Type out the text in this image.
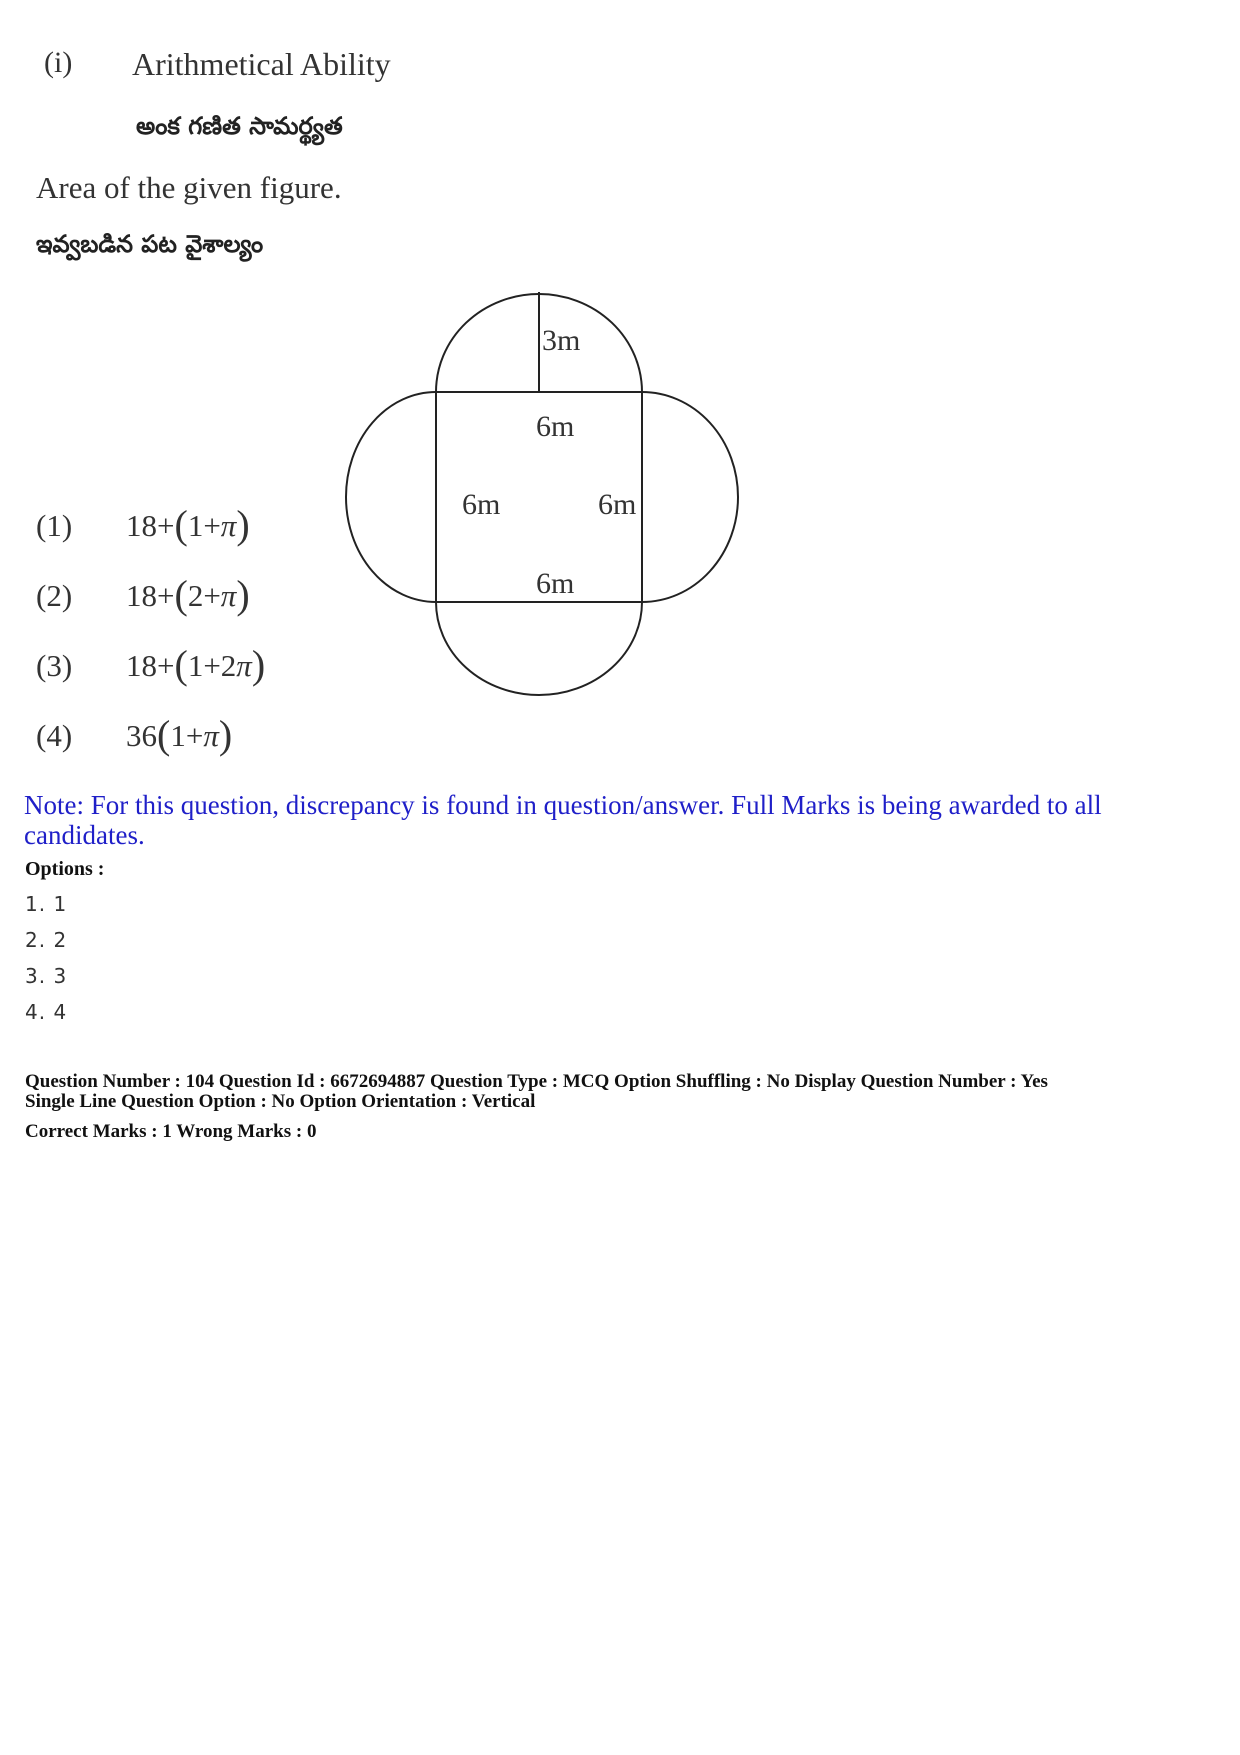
(i) Arithmetical Ability
అంక గణిత సామర్థ్యత
Area of the given figure.
ఇవ్వబడిన పట వైశాల్యం
3m
6m
6m	6m
6m
(1) 18+(1+π)
(2) 18+(2+π)
(3) 18+(1+2π)
(4) 36(1+π)
Note: For this question, discrepancy is found in question/answer. Full Marks is being awarded to all candidates.
Options :
1. 1
2. 2
3. 3
4. 4
Question Number : 104 Question Id : 6672694887 Question Type : MCQ Option Shuffling : No Display Question Number : Yes
Single Line Question Option : No Option Orientation : Vertical
Correct Marks : 1 Wrong Marks : 0
